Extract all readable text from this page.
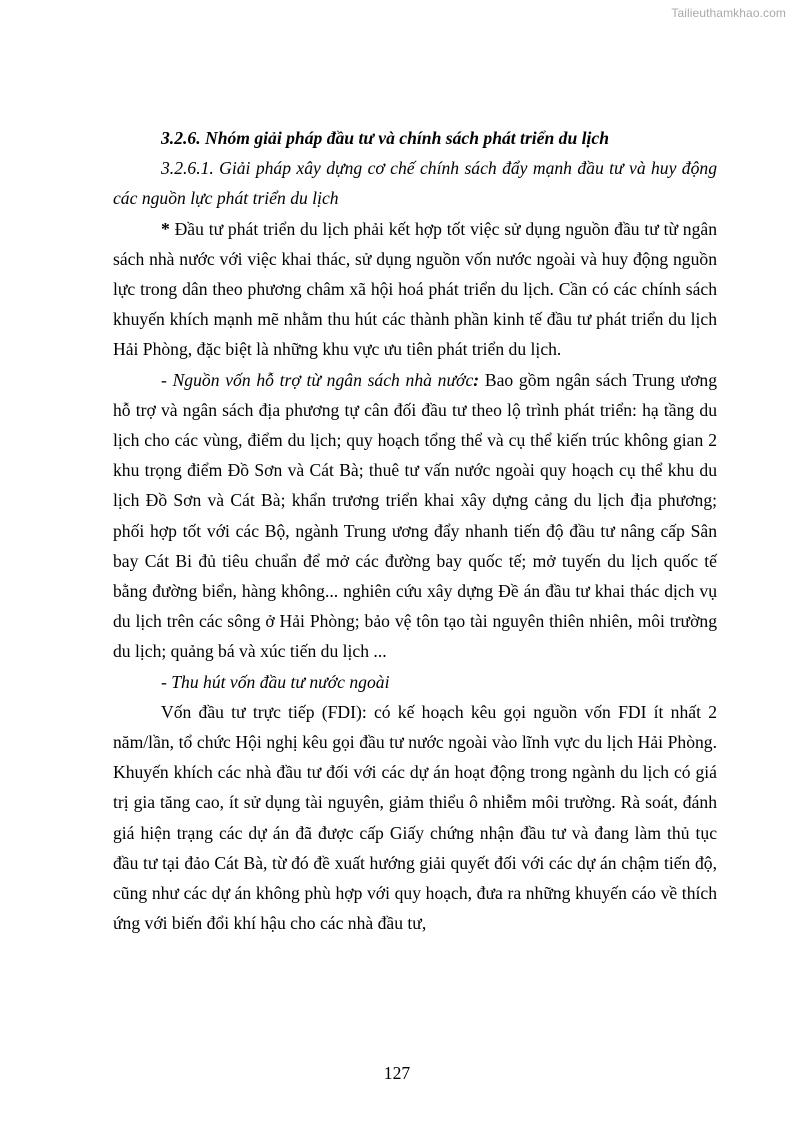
Tailieuthamkhao.com

3.2.6. Nhóm giải pháp đầu tư và chính sách phát triển du lịch

3.2.6.1. Giải pháp xây dựng cơ chế chính sách đẩy mạnh đầu tư và huy động các nguồn lực phát triển du lịch

* Đầu tư phát triển du lịch phải kết hợp tốt việc sử dụng nguồn đầu tư từ ngân sách nhà nước với việc khai thác, sử dụng nguồn vốn nước ngoài và huy động nguồn lực trong dân theo phương châm xã hội hoá phát triển du lịch. Cần có các chính sách khuyến khích mạnh mẽ nhằm thu hút các thành phần kinh tế đầu tư phát triển du lịch Hải Phòng, đặc biệt là những khu vực ưu tiên phát triển du lịch.

- Nguồn vốn hỗ trợ từ ngân sách nhà nước: Bao gồm ngân sách Trung ương hỗ trợ và ngân sách địa phương tự cân đối đầu tư theo lộ trình phát triển: hạ tầng du lịch cho các vùng, điểm du lịch; quy hoạch tổng thể và cụ thể kiến trúc không gian 2 khu trọng điểm Đồ Sơn và Cát Bà; thuê tư vấn nước ngoài quy hoạch cụ thể khu du lịch Đồ Sơn và Cát Bà; khẩn trương triển khai xây dựng cảng du lịch địa phương; phối hợp tốt với các Bộ, ngành Trung ương đẩy nhanh tiến độ đầu tư nâng cấp Sân bay Cát Bi đủ tiêu chuẩn để mở các đường bay quốc tế; mở tuyến du lịch quốc tế bằng đường biển, hàng không... nghiên cứu xây dựng Đề án đầu tư khai thác dịch vụ du lịch trên các sông ở Hải Phòng; bảo vệ tôn tạo tài nguyên thiên nhiên, môi trường du lịch; quảng bá và xúc tiến du lịch ...

- Thu hút vốn đầu tư nước ngoài

Vốn đầu tư trực tiếp (FDI): có kế hoạch kêu gọi nguồn vốn FDI ít nhất 2 năm/lần, tổ chức Hội nghị kêu gọi đầu tư nước ngoài vào lĩnh vực du lịch Hải Phòng. Khuyến khích các nhà đầu tư đối với các dự án hoạt động trong ngành du lịch có giá trị gia tăng cao, ít sử dụng tài nguyên, giảm thiểu ô nhiễm môi trường. Rà soát, đánh giá hiện trạng các dự án đã được cấp Giấy chứng nhận đầu tư và đang làm thủ tục đầu tư tại đảo Cát Bà, từ đó đề xuất hướng giải quyết đối với các dự án chậm tiến độ, cũng như các dự án không phù hợp với quy hoạch, đưa ra những khuyến cáo về thích ứng với biến đổi khí hậu cho các nhà đầu tư,

127
